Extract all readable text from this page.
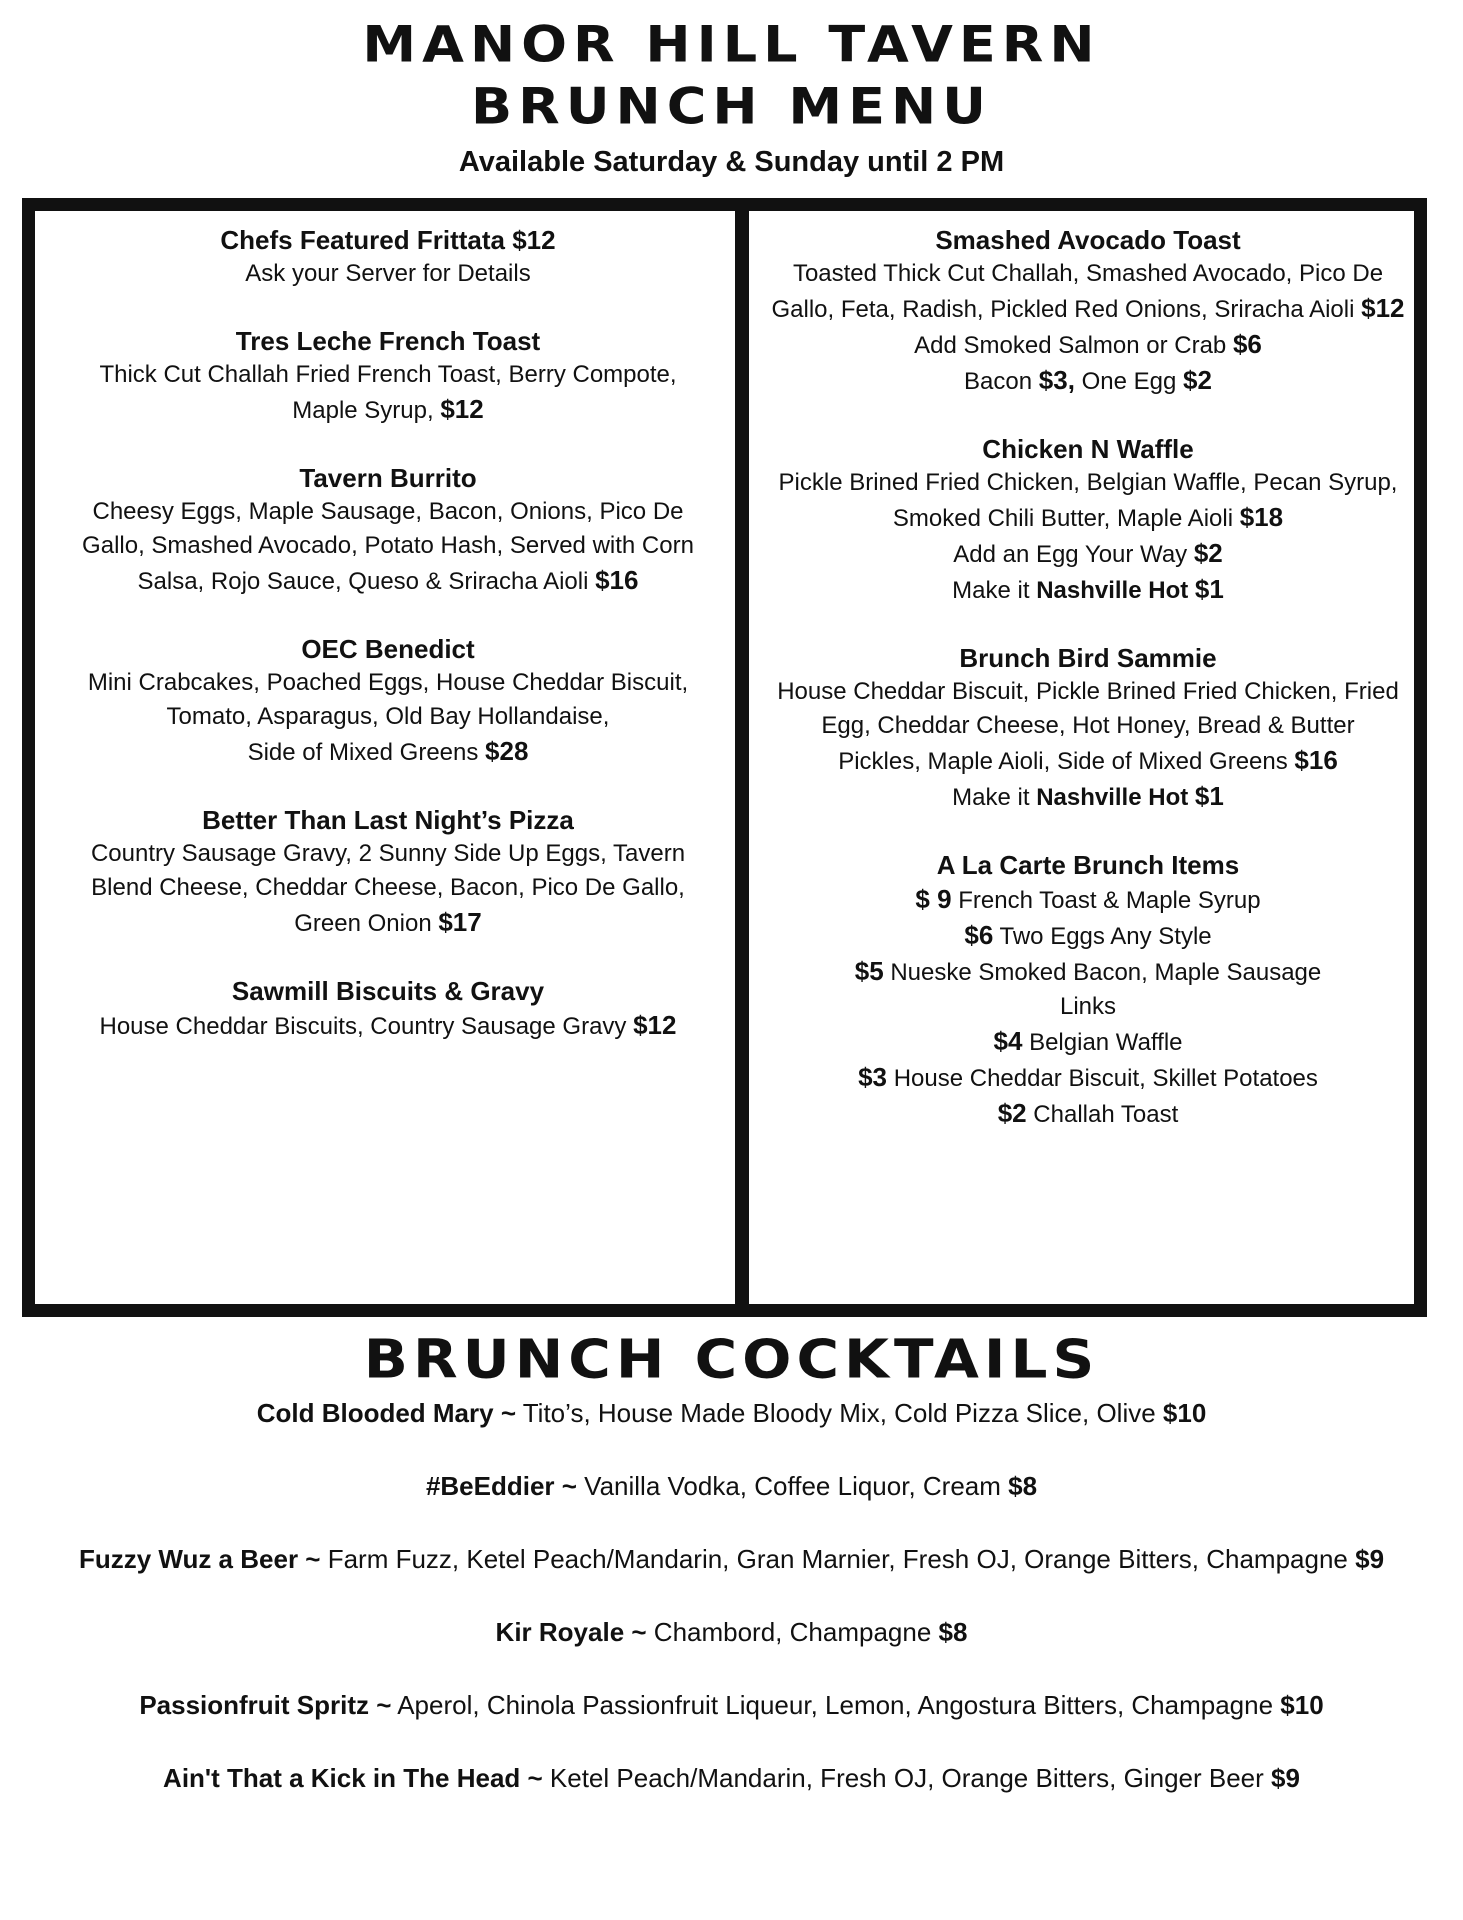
MANOR HILL TAVERN
BRUNCH MENU
Available Saturday & Sunday until 2 PM
Chefs Featured Frittata $12
Ask your Server for Details
Tres Leche French Toast
Thick Cut Challah Fried French Toast, Berry Compote,
Maple Syrup, $12
Tavern Burrito
Cheesy Eggs, Maple Sausage, Bacon, Onions, Pico De
Gallo, Smashed Avocado, Potato Hash, Served with Corn
Salsa, Rojo Sauce, Queso & Sriracha Aioli $16
OEC Benedict
Mini Crabcakes, Poached Eggs, House Cheddar Biscuit,
Tomato, Asparagus, Old Bay Hollandaise,
Side of Mixed Greens $28
Better Than Last Night’s Pizza
Country Sausage Gravy, 2 Sunny Side Up Eggs, Tavern
Blend Cheese, Cheddar Cheese, Bacon, Pico De Gallo,
Green Onion $17
Sawmill Biscuits & Gravy
House Cheddar Biscuits, Country Sausage Gravy $12
Smashed Avocado Toast
Toasted Thick Cut Challah, Smashed Avocado, Pico De
Gallo, Feta, Radish, Pickled Red Onions, Sriracha Aioli $12
Add Smoked Salmon or Crab $6
Bacon $3, One Egg $2
Chicken N Waffle
Pickle Brined Fried Chicken, Belgian Waffle, Pecan Syrup,
Smoked Chili Butter, Maple Aioli $18
Add an Egg Your Way $2
Make it Nashville Hot $1
Brunch Bird Sammie
House Cheddar Biscuit, Pickle Brined Fried Chicken, Fried
Egg, Cheddar Cheese, Hot Honey, Bread & Butter
Pickles, Maple Aioli, Side of Mixed Greens $16
Make it Nashville Hot $1
A La Carte Brunch Items
$ 9 French Toast & Maple Syrup
$6 Two Eggs Any Style
$5 Nueske Smoked Bacon, Maple Sausage
Links
$4 Belgian Waffle
$3 House Cheddar Biscuit, Skillet Potatoes
$2 Challah Toast
BRUNCH COCKTAILS
Cold Blooded Mary ~ Tito’s, House Made Bloody Mix, Cold Pizza Slice, Olive $10
#BeEddier ~ Vanilla Vodka, Coffee Liquor, Cream $8
Fuzzy Wuz a Beer ~ Farm Fuzz, Ketel Peach/Mandarin, Gran Marnier, Fresh OJ, Orange Bitters, Champagne $9
Kir Royale ~ Chambord, Champagne $8
Passionfruit Spritz ~ Aperol, Chinola Passionfruit Liqueur, Lemon, Angostura Bitters, Champagne $10
Ain't That a Kick in The Head ~ Ketel Peach/Mandarin, Fresh OJ, Orange Bitters, Ginger Beer $9
